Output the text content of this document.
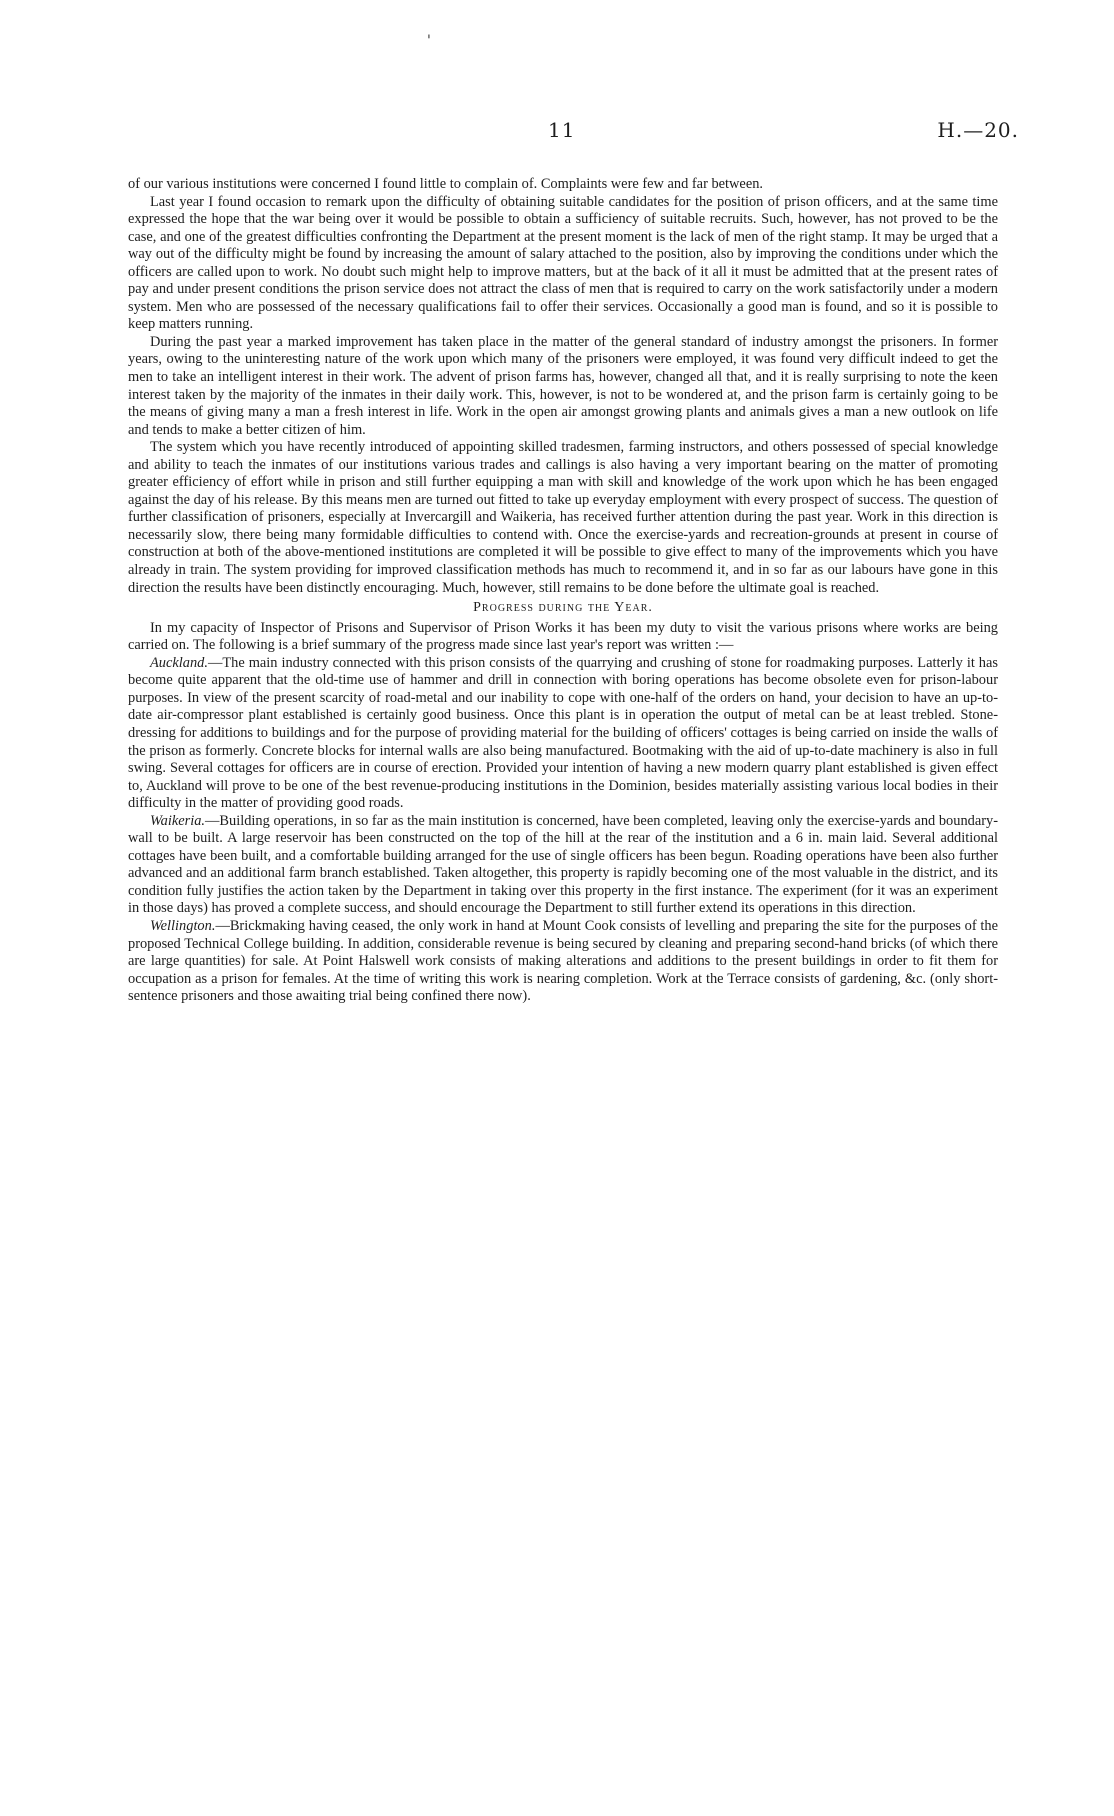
'
11	H.—20.

of our various institutions were concerned I found little to complain of. Complaints were few and far between.

Last year I found occasion to remark upon the difficulty of obtaining suitable candidates for the position of prison officers, and at the same time expressed the hope that the war being over it would be possible to obtain a sufficiency of suitable recruits. Such, however, has not proved to be the case, and one of the greatest difficulties confronting the Department at the present moment is the lack of men of the right stamp. It may be urged that a way out of the difficulty might be found by increasing the amount of salary attached to the position, also by improving the conditions under which the officers are called upon to work. No doubt such might help to improve matters, but at the back of it all it must be admitted that at the present rates of pay and under present conditions the prison service does not attract the class of men that is required to carry on the work satisfactorily under a modern system. Men who are possessed of the necessary qualifications fail to offer their services. Occasionally a good man is found, and so it is possible to keep matters running.

During the past year a marked improvement has taken place in the matter of the general standard of industry amongst the prisoners. In former years, owing to the uninteresting nature of the work upon which many of the prisoners were employed, it was found very difficult indeed to get the men to take an intelligent interest in their work. The advent of prison farms has, however, changed all that, and it is really surprising to note the keen interest taken by the majority of the inmates in their daily work. This, however, is not to be wondered at, and the prison farm is certainly going to be the means of giving many a man a fresh interest in life. Work in the open air amongst growing plants and animals gives a man a new outlook on life and tends to make a better citizen of him.

The system which you have recently introduced of appointing skilled tradesmen, farming instructors, and others possessed of special knowledge and ability to teach the inmates of our institutions various trades and callings is also having a very important bearing on the matter of promoting greater efficiency of effort while in prison and still further equipping a man with skill and knowledge of the work upon which he has been engaged against the day of his release. By this means men are turned out fitted to take up everyday employment with every prospect of success. The question of further classification of prisoners, especially at Invercargill and Waikeria, has received further attention during the past year. Work in this direction is necessarily slow, there being many formidable difficulties to contend with. Once the exercise-yards and recreation-grounds at present in course of construction at both of the above-mentioned institutions are completed it will be possible to give effect to many of the improvements which you have already in train. The system providing for improved classification methods has much to recommend it, and in so far as our labours have gone in this direction the results have been distinctly encouraging. Much, however, still remains to be done before the ultimate goal is reached.

Progress during the Year.

In my capacity of Inspector of Prisons and Supervisor of Prison Works it has been my duty to visit the various prisons where works are being carried on. The following is a brief summary of the progress made since last year's report was written :—

Auckland.—The main industry connected with this prison consists of the quarrying and crushing of stone for roadmaking purposes. Latterly it has become quite apparent that the old-time use of hammer and drill in connection with boring operations has become obsolete even for prison-labour purposes. In view of the present scarcity of road-metal and our inability to cope with one-half of the orders on hand, your decision to have an up-to-date air-compressor plant established is certainly good business. Once this plant is in operation the output of metal can be at least trebled. Stone-dressing for additions to buildings and for the purpose of providing material for the building of officers' cottages is being carried on inside the walls of the prison as formerly. Concrete blocks for internal walls are also being manufactured. Bootmaking with the aid of up-to-date machinery is also in full swing. Several cottages for officers are in course of erection. Provided your intention of having a new modern quarry plant established is given effect to, Auckland will prove to be one of the best revenue-producing institutions in the Dominion, besides materially assisting various local bodies in their difficulty in the matter of providing good roads.

Waikeria.—Building operations, in so far as the main institution is concerned, have been completed, leaving only the exercise-yards and boundary-wall to be built. A large reservoir has been constructed on the top of the hill at the rear of the institution and a 6 in. main laid. Several additional cottages have been built, and a comfortable building arranged for the use of single officers has been begun. Roading operations have been also further advanced and an additional farm branch established. Taken altogether, this property is rapidly becoming one of the most valuable in the district, and its condition fully justifies the action taken by the Department in taking over this property in the first instance. The experiment (for it was an experiment in those days) has proved a complete success, and should encourage the Department to still further extend its operations in this direction.

Wellington.—Brickmaking having ceased, the only work in hand at Mount Cook consists of levelling and preparing the site for the purposes of the proposed Technical College building. In addition, considerable revenue is being secured by cleaning and preparing second-hand bricks (of which there are large quantities) for sale. At Point Halswell work consists of making alterations and additions to the present buildings in order to fit them for occupation as a prison for females. At the time of writing this work is nearing completion. Work at the Terrace consists of gardening, &c. (only short-sentence prisoners and those awaiting trial being confined there now).
